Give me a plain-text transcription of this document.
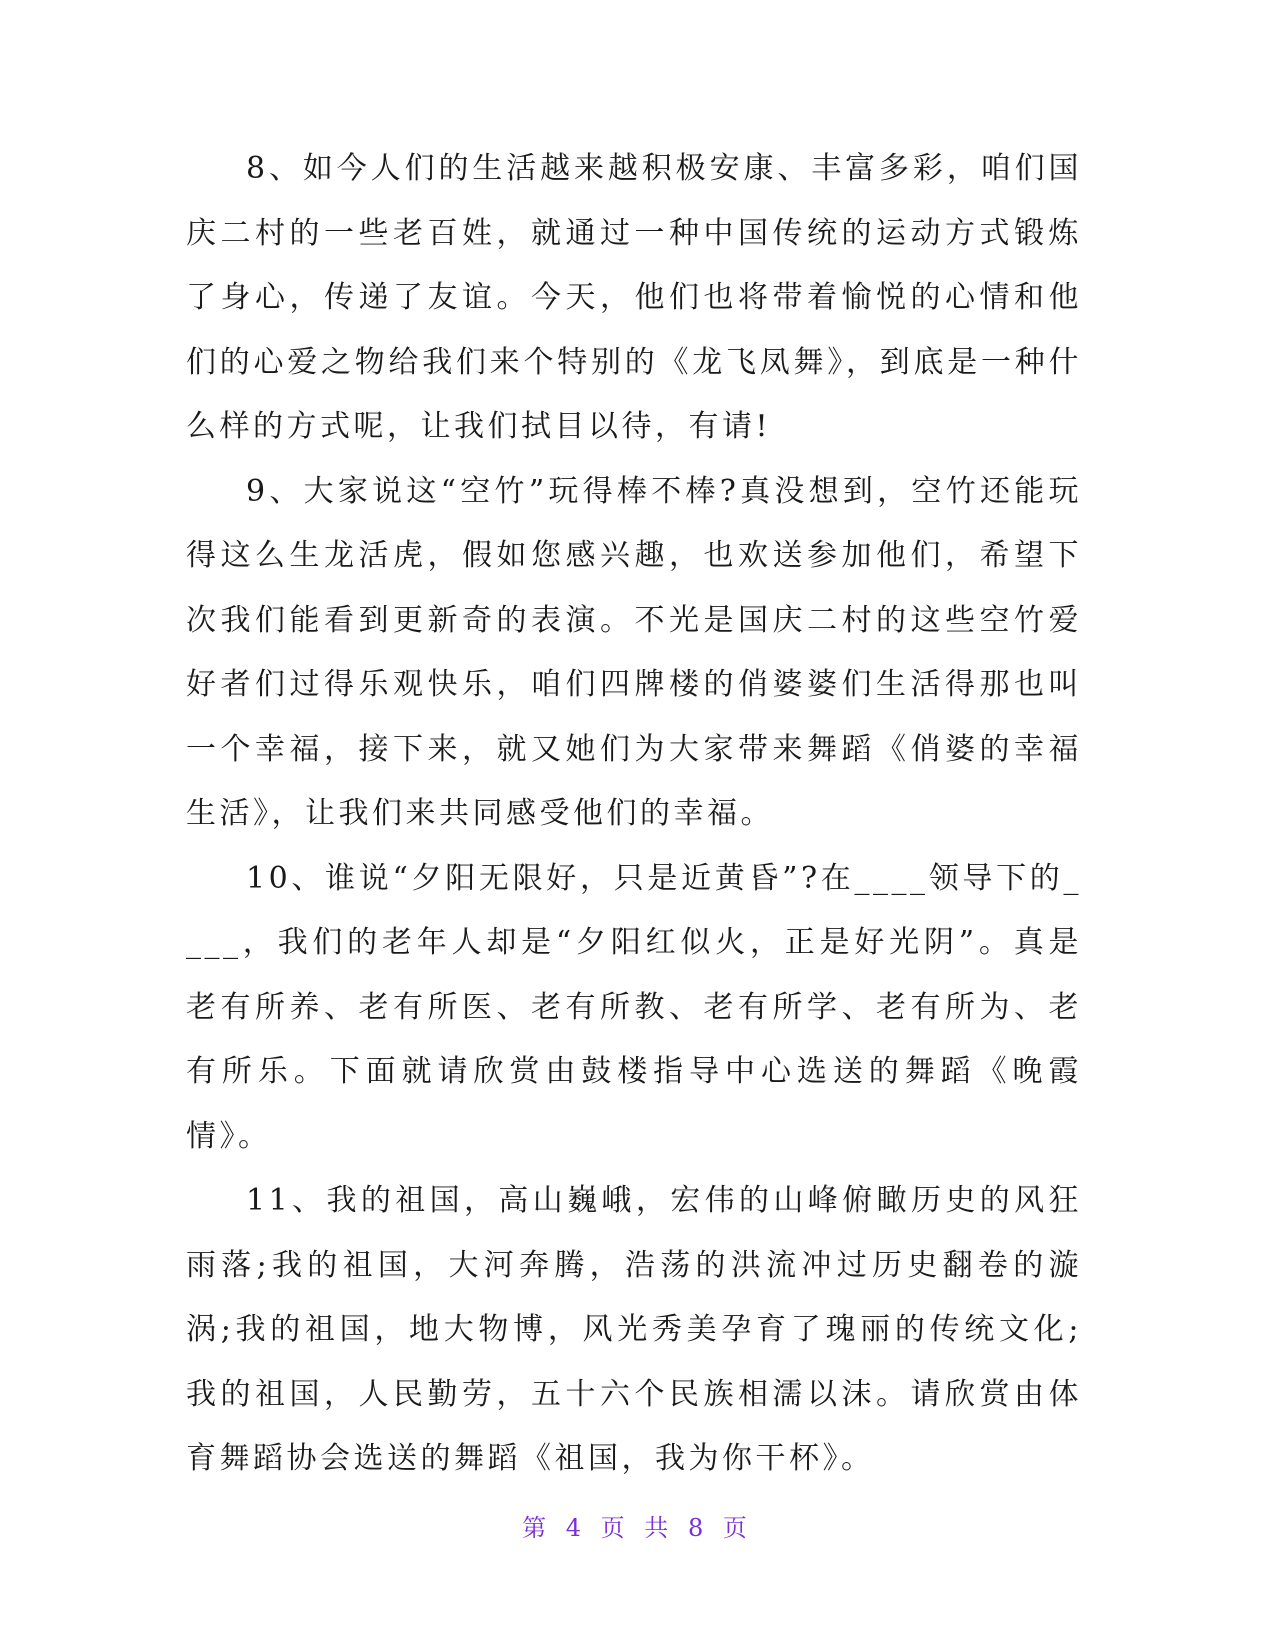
8、如今人们的生活越来越积极安康、丰富多彩，咱们国庆二村的一些老百姓，就通过一种中国传统的运动方式锻炼了身心，传递了友谊。今天，他们也将带着愉悦的心情和他们的心爱之物给我们来个特别的《龙飞凤舞》，到底是一种什么样的方式呢，让我们拭目以待，有请!

9、大家说这“空竹”玩得棒不棒?真没想到，空竹还能玩得这么生龙活虎，假如您感兴趣，也欢送参加他们，希望下次我们能看到更新奇的表演。不光是国庆二村的这些空竹爱好者们过得乐观快乐，咱们四牌楼的俏婆婆们生活得那也叫一个幸福，接下来，就又她们为大家带来舞蹈《俏婆的幸福生活》，让我们来共同感受他们的幸福。

10、谁说“夕阳无限好，只是近黄昏”?在____领导下的____，我们的老年人却是“夕阳红似火，正是好光阴”。真是老有所养、老有所医、老有所教、老有所学、老有所为、老有所乐。下面就请欣赏由鼓楼指导中心选送的舞蹈《晚霞情》。

11、我的祖国，高山巍峨，宏伟的山峰俯瞰历史的风狂雨落;我的祖国，大河奔腾，浩荡的洪流冲过历史翻卷的漩涡;我的祖国，地大物博，风光秀美孕育了瑰丽的传统文化;我的祖国，人民勤劳，五十六个民族相濡以沫。请欣赏由体育舞蹈协会选送的舞蹈《祖国，我为你干杯》。

第 4 页 共 8 页
